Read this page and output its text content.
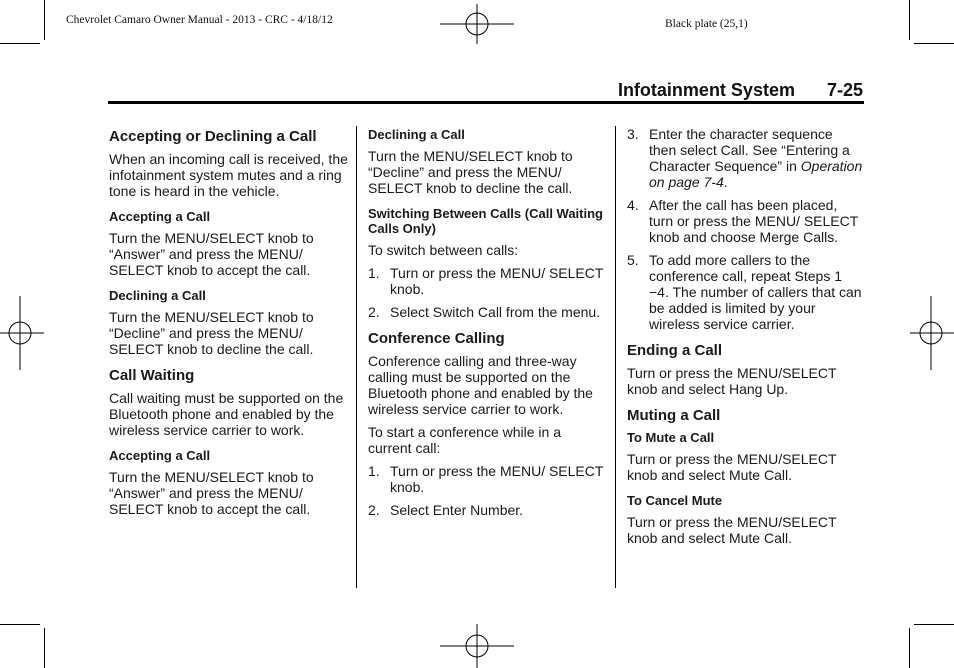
Chevrolet Camaro Owner Manual - 2013 - CRC - 4/18/12	Black plate (25,1)
Infotainment System 7-25
Accepting or Declining a Call

When an incoming call is received, the infotainment system mutes and a ring tone is heard in the vehicle.

Accepting a Call

Turn the MENU/SELECT knob to “Answer” and press the MENU/ SELECT knob to accept the call.

Declining a Call

Turn the MENU/SELECT knob to “Decline” and press the MENU/ SELECT knob to decline the call.

Call Waiting

Call waiting must be supported on the Bluetooth phone and enabled by the wireless service carrier to work.

Accepting a Call

Turn the MENU/SELECT knob to “Answer” and press the MENU/ SELECT knob to accept the call.

Declining a Call

Turn the MENU/SELECT knob to “Decline” and press the MENU/ SELECT knob to decline the call.

Switching Between Calls (Call Waiting Calls Only)

To switch between calls:

1. Turn or press the MENU/ SELECT knob.
2. Select Switch Call from the menu.
Conference Calling

Conference calling and three-way calling must be supported on the Bluetooth phone and enabled by the wireless service carrier to work.

To start a conference while in a current call:

1. Turn or press the MENU/ SELECT knob.
2. Select Enter Number.
3. Enter the character sequence then select Call. See “Entering a Character Sequence” in Operation on page 7-4.
4. After the call has been placed, turn or press the MENU/ SELECT knob and choose Merge Calls.
5. To add more callers to the conference call, repeat Steps 1 −4. The number of callers that can be added is limited by your wireless service carrier.
Ending a Call

Turn or press the MENU/SELECT knob and select Hang Up.

Muting a Call
To Mute a Call

Turn or press the MENU/SELECT knob and select Mute Call.

To Cancel Mute

Turn or press the MENU/SELECT knob and select Mute Call.
